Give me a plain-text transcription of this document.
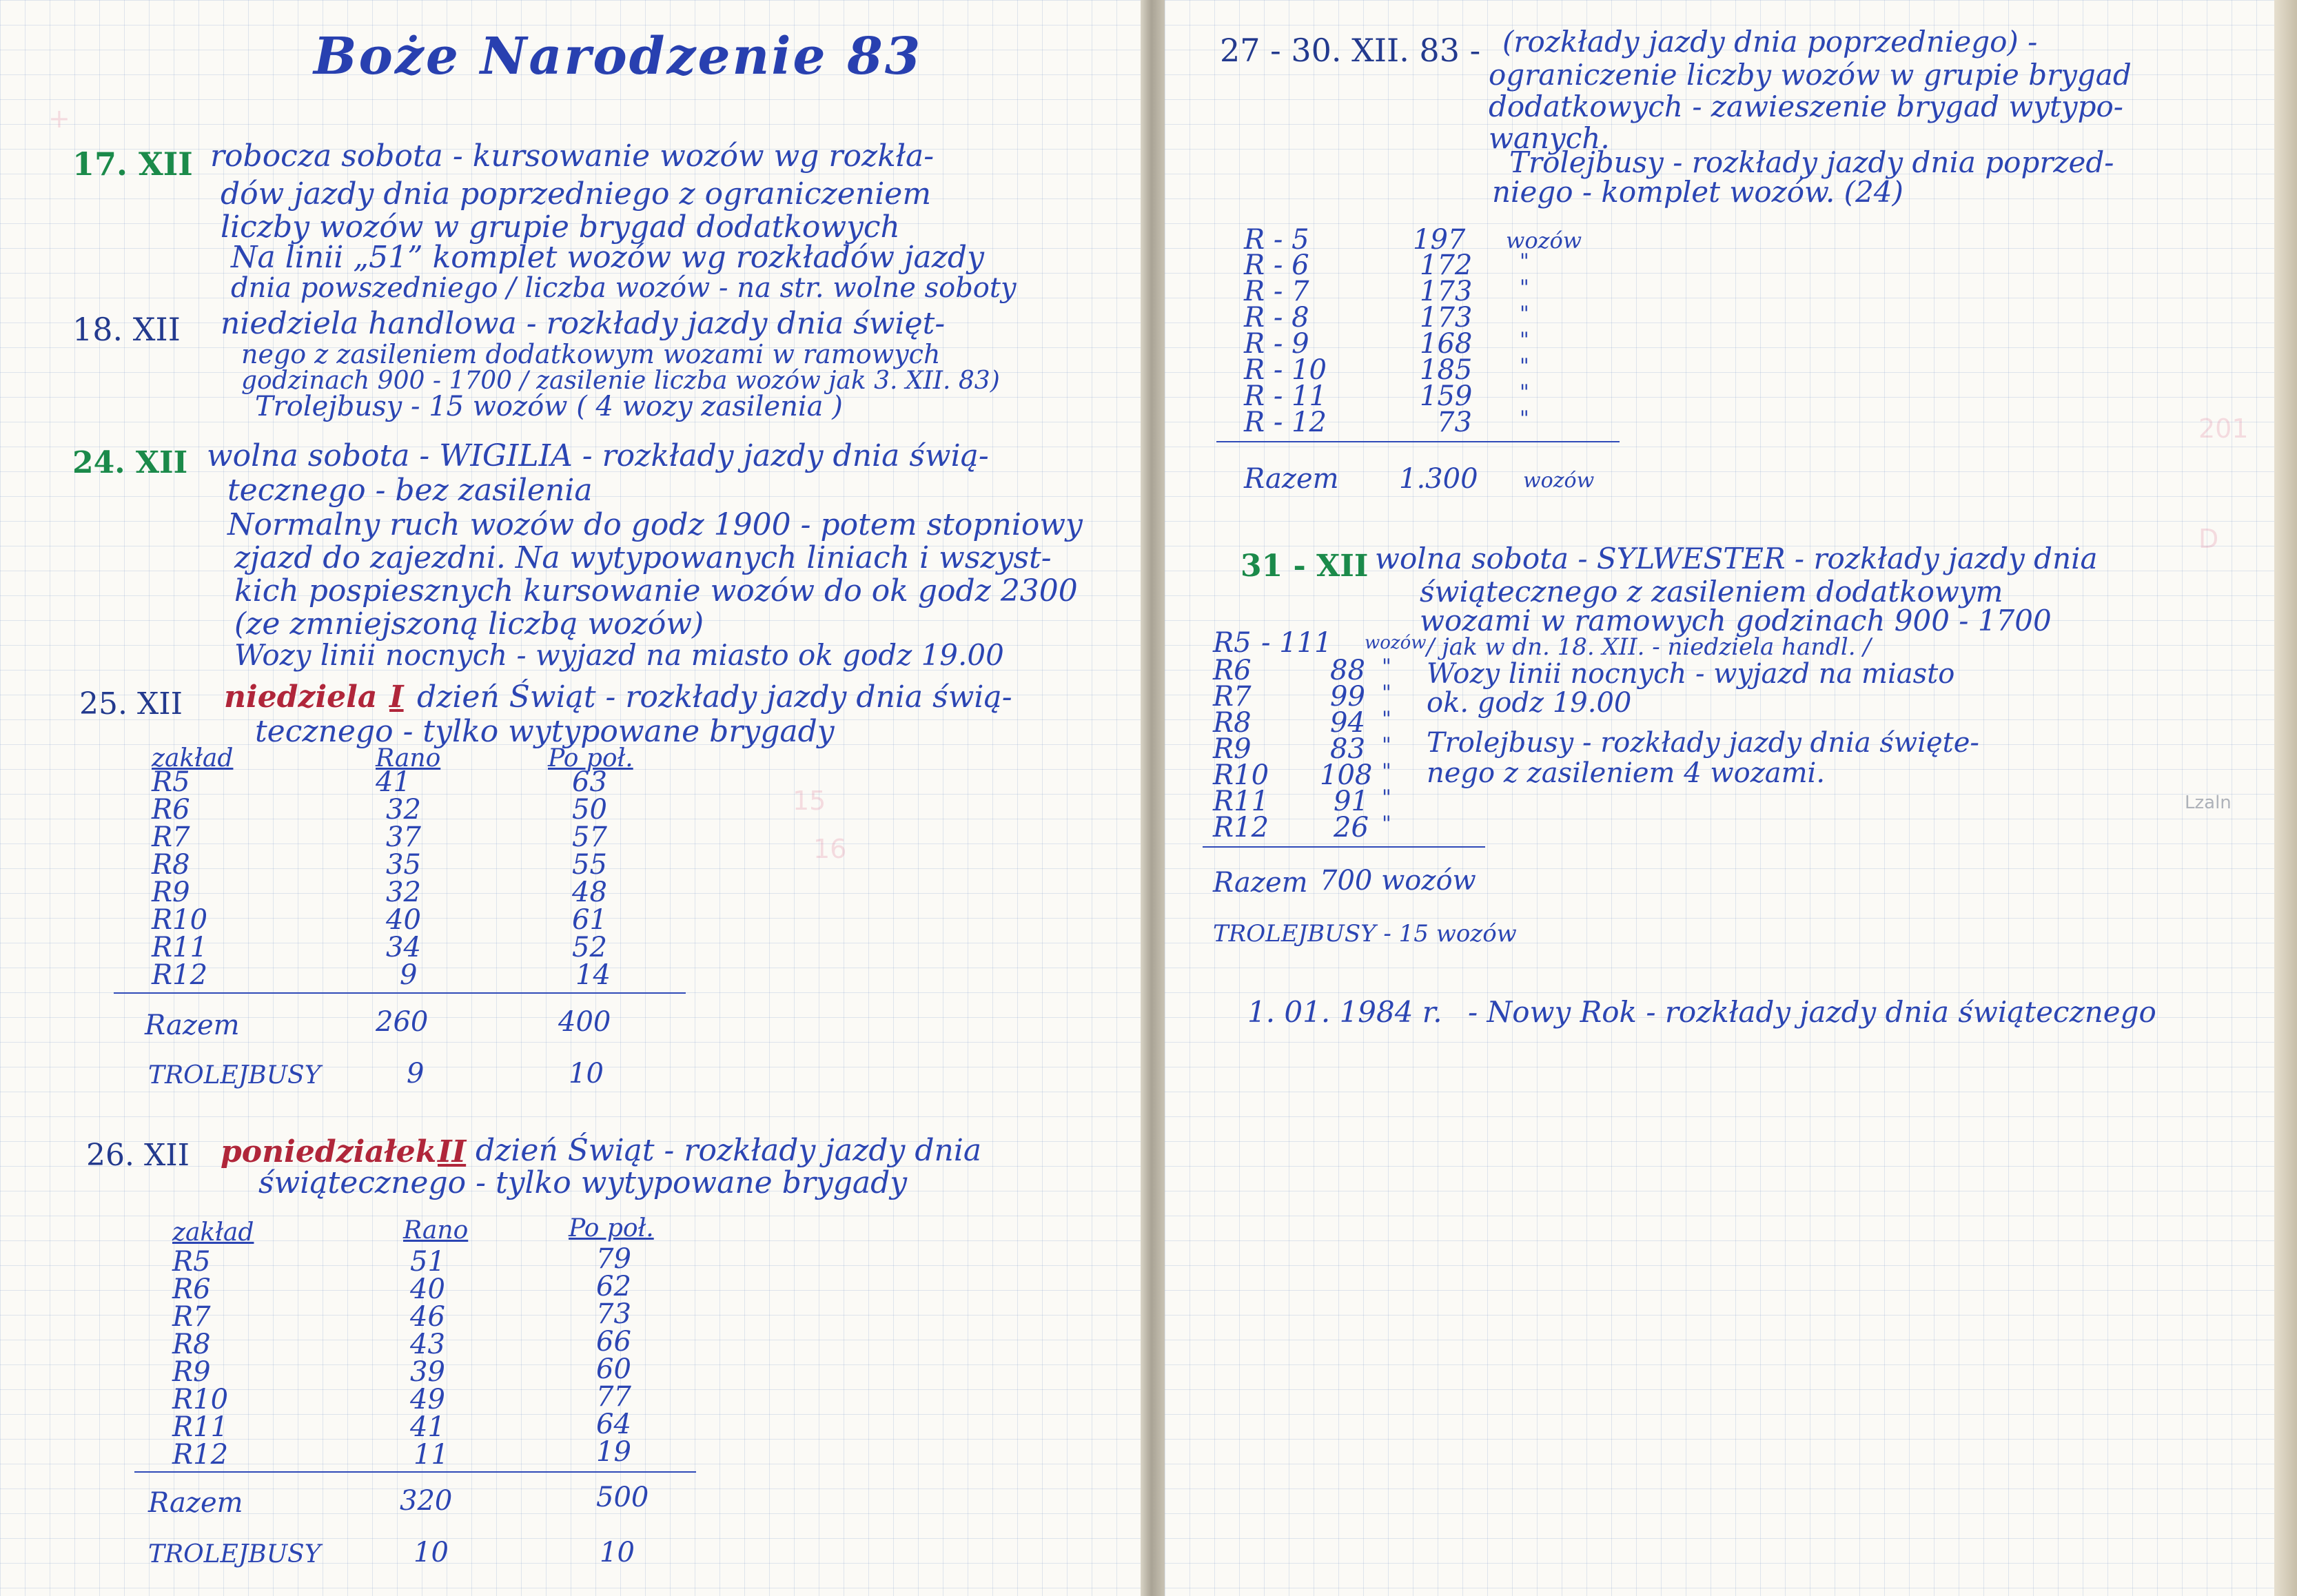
+
15
16
Boże Narodzenie 83
17. XII robocza sobota - kursowanie wozów wg rozkła-
dów jazdy dnia poprzedniego z ograniczeniem
liczby wozów w grupie brygad dodatkowych
Na linii „51” komplet wozów wg rozkładów jazdy
dnia powszedniego / liczba wozów - na str. wolne soboty
18. XII niedziela handlowa - rozkłady jazdy dnia święt-
nego z zasileniem dodatkowym wozami w ramowych
godzinach 900 - 1700 / zasilenie liczba wozów jak 3. XII. 83)
Trolejbusy - 15 wozów ( 4 wozy zasilenia )
24. XII wolna sobota - WIGILIA - rozkłady jazdy dnia świą-
tecznego - bez zasilenia
Normalny ruch wozów do godz 1900 - potem stopniowy
zjazd do zajezdni. Na wytypowanych liniach i wszyst-
kich pospiesznych kursowanie wozów do ok godz 2300
(ze zmniejszoną liczbą wozów)
Wozy linii nocnych - wyjazd na miasto ok godz 19.00
25. XII niedziela I dzień Świąt - rozkłady jazdy dnia świą-
tecznego - tylko wytypowane brygady
zakład	Rano	Po poł.
R5	41	63
R6	32	50
R7	37	57
R8	35	55
R9	32	48
R10	40	61
R11	34	52
R12	9	14
Razem	260	400
TROLEJBUSY	9	10
26. XII poniedziałek II dzień Świąt - rozkłady jazdy dnia
świątecznego - tylko wytypowane brygady
zakład	Rano	Po poł.
R5	51	79
R6	40	62
R7	46	73
R8	43	66
R9	39	60
R10	49	77
R11	41	64
R12	11	19
Razem	320	500
TROLEJBUSY	10	10
201
D
Lzaln
27 - 30. XII. 83 - (rozkłady jazdy dnia poprzedniego) -
ograniczenie liczby wozów w grupie brygad
dodatkowych - zawieszenie brygad wytypo-
wanych.
Trolejbusy - rozkłady jazdy dnia poprzed-
niego - komplet wozów. (24)
R - 5	197 wozów
R - 6	172 "
R - 7	173 "
R - 8	173 "
R - 9	168 "
R - 10	185 "
R - 11	159 "
R - 12	73 "
Razem 1.300 wozów
31 - XII wolna sobota - SYLWESTER - rozkłady jazdy dnia
świątecznego z zasileniem dodatkowym
wozami w ramowych godzinach 900 - 1700
/ jak w dn. 18. XII. - niedziela handl. /
Wozy linii nocnych - wyjazd na miasto
ok. godz 19.00
Trolejbusy - rozkłady jazdy dnia święte-
nego z zasileniem 4 wozami.
R5 - 111 wozów
R6	88 "
R7	99 "
R8	94 "
R9	83 "
R10 108 "
R11 91 "
R12 26 "
Razem 700 wozów
TROLEJBUSY - 15 wozów
1. 01. 1984 r. - Nowy Rok - rozkłady jazdy dnia świątecznego
